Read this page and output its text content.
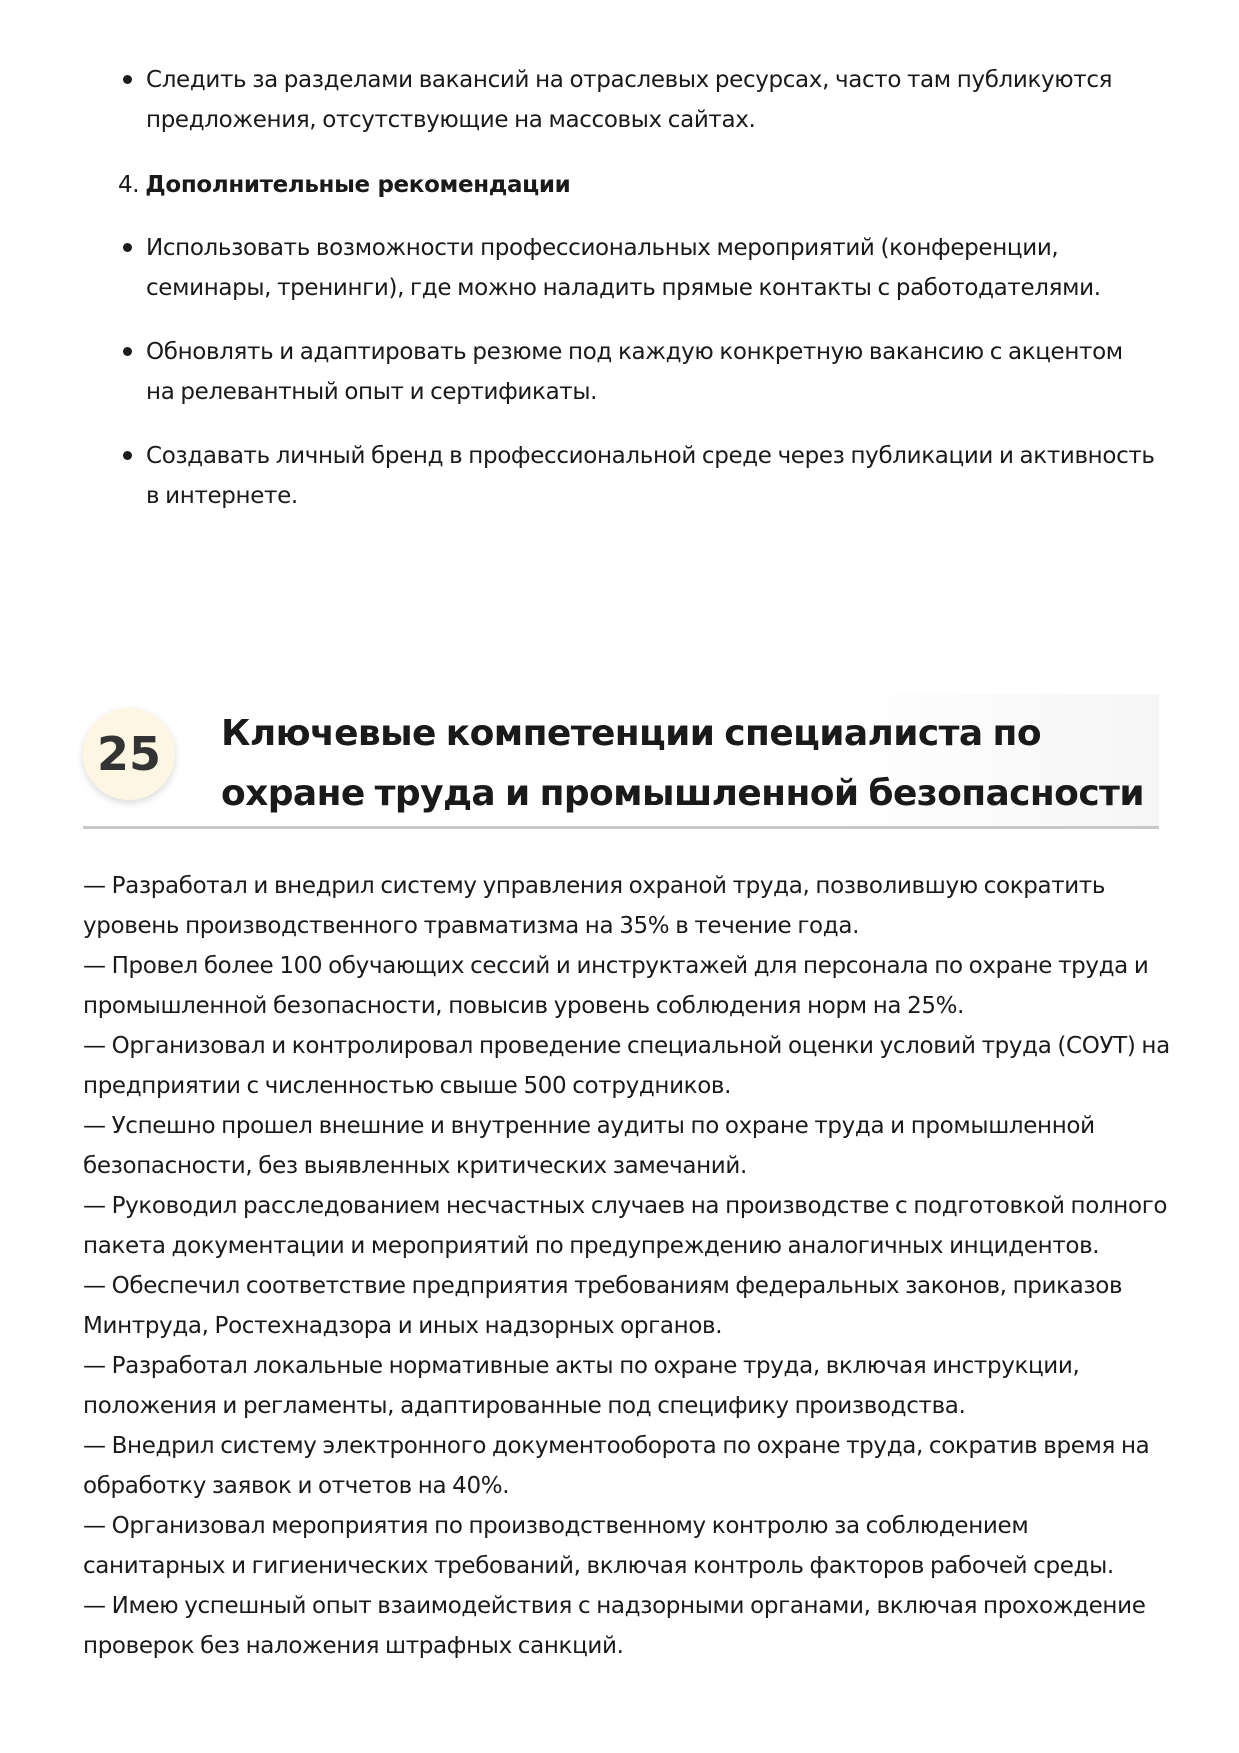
Следить за разделами вакансий на отраслевых ресурсах, часто там публикуются предложения, отсутствующие на массовых сайтах.
4. Дополнительные рекомендации
Использовать возможности профессиональных мероприятий (конференции, семинары, тренинги), где можно наладить прямые контакты с работодателями.
Обновлять и адаптировать резюме под каждую конкретную вакансию с акцентом на релевантный опыт и сертификаты.
Создавать личный бренд в профессиональной среде через публикации и активность в интернете.
25	Ключевые компетенции специалиста по охране труда и промышленной безопасности
— Разработал и внедрил систему управления охраной труда, позволившую сократить уровень производственного травматизма на 35% в течение года.
— Провел более 100 обучающих сессий и инструктажей для персонала по охране труда и промышленной безопасности, повысив уровень соблюдения норм на 25%.
— Организовал и контролировал проведение специальной оценки условий труда (СОУТ) на предприятии с численностью свыше 500 сотрудников.
— Успешно прошел внешние и внутренние аудиты по охране труда и промышленной безопасности, без выявленных критических замечаний.
— Руководил расследованием несчастных случаев на производстве с подготовкой полного пакета документации и мероприятий по предупреждению аналогичных инцидентов.
— Обеспечил соответствие предприятия требованиям федеральных законов, приказов Минтруда, Ростехнадзора и иных надзорных органов.
— Разработал локальные нормативные акты по охране труда, включая инструкции, положения и регламенты, адаптированные под специфику производства.
— Внедрил систему электронного документооборота по охране труда, сократив время на обработку заявок и отчетов на 40%.
— Организовал мероприятия по производственному контролю за соблюдением санитарных и гигиенических требований, включая контроль факторов рабочей среды.
— Имею успешный опыт взаимодействия с надзорными органами, включая прохождение проверок без наложения штрафных санкций.
